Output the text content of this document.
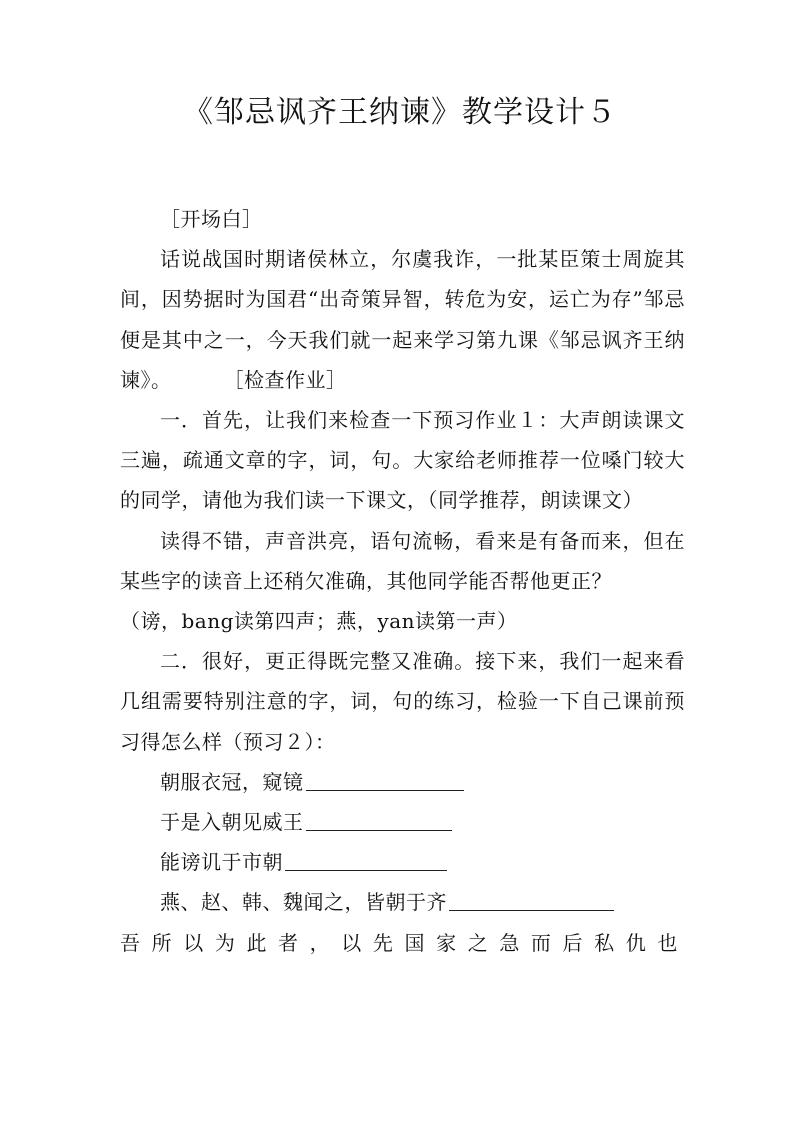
《邹忌讽齐王纳谏》教学设计５

［开场白］

话说战国时期诸侯林立，尔虞我诈，一批某臣策士周旋其间，因势据时为国君“出奇策异智，转危为安，运亡为存”邹忌便是其中之一，今天我们就一起来学习第九课《邹忌讽齐王纳谏》。	［检查作业］

一．首先，让我们来检查一下预习作业１：大声朗读课文三遍，疏通文章的字，词，句。大家给老师推荐一位嗓门较大的同学，请他为我们读一下课文，（同学推荐，朗读课文）

读得不错，声音洪亮，语句流畅，看来是有备而来，但在某些字的读音上还稍欠准确，其他同学能否帮他更正？

（谤，bang读第四声；燕，yan读第一声）

二．很好，更正得既完整又准确。接下来，我们一起来看几组需要特别注意的字，词，句的练习，检验一下自己课前预习得怎么样（预习２）：

朝服衣冠，窥镜

于是入朝见威王

能谤讥于市朝

燕、赵、韩、魏闻之，皆朝于齐

吾 所 以 为 此 者 ， 以 先 国 家 之 急 而 后 私 仇 也
